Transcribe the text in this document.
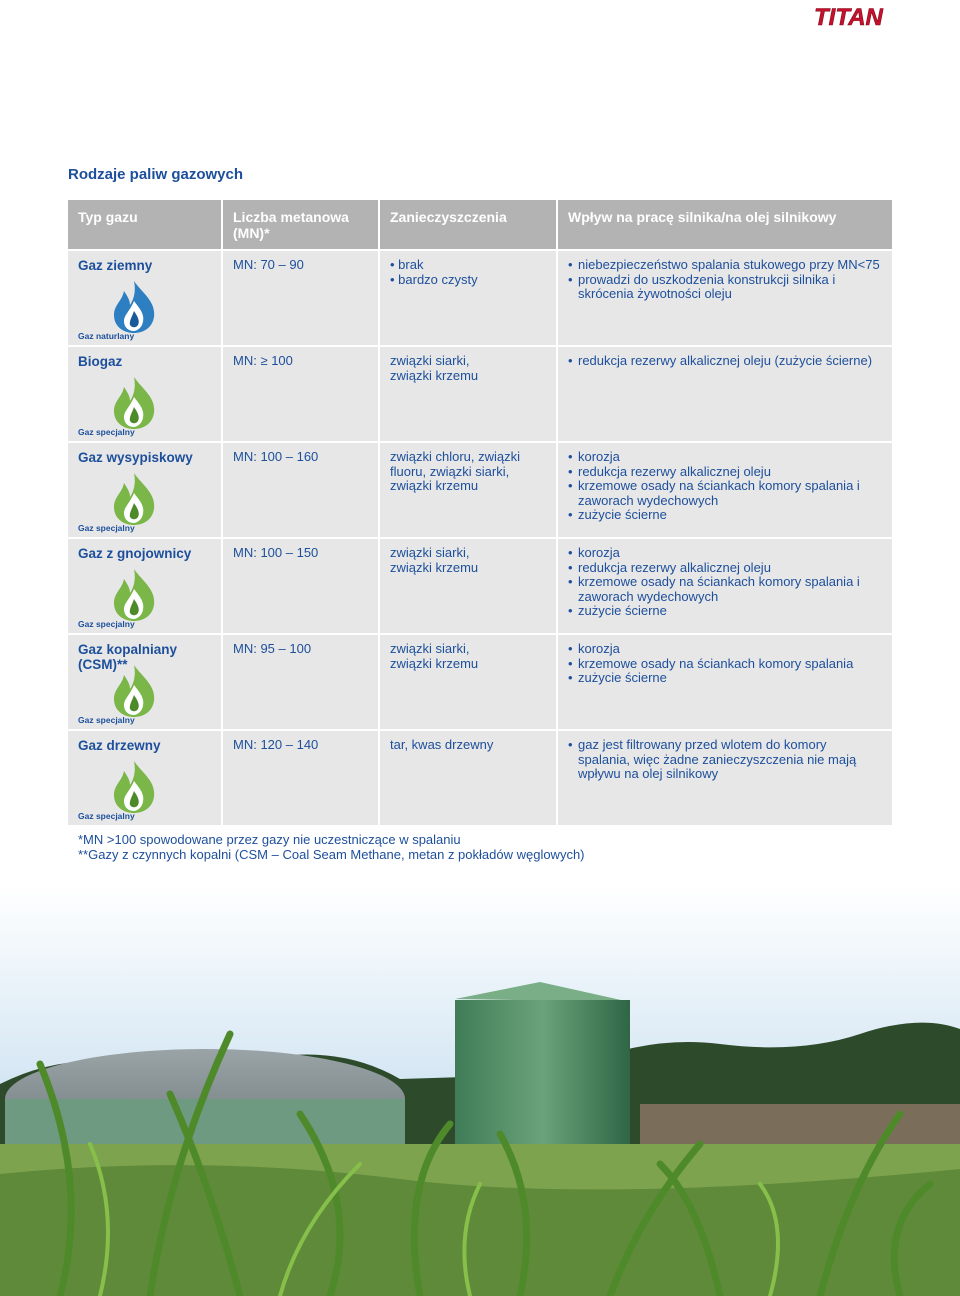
TITAN
Rodzaje paliw gazowych
Typ gazu	Liczba metanowa (MN)*
Zanieczyszczenia	Wpływ na pracę silnika/na olej silnikowy
Gaz ziemny
Gaz naturlany
MN: 70 – 90	• brak
• bardzo czysty
• niebezpieczeństwo spalania stukowego przy MN<75
• prowadzi do uszkodzenia konstrukcji silnika i skrócenia żywotności oleju
Biogaz
Gaz specjalny
MN: ≥ 100	związki siarki,
związki krzemu
• redukcja rezerwy alkalicznej oleju (zużycie ścierne)
Gaz wysypiskowy
Gaz specjalny
MN: 100 – 160	związki chloru, związki
fluoru, związki siarki,
związki krzemu
• korozja
• redukcja rezerwy alkalicznej oleju
• krzemowe osady na ściankach komory spalania i zaworach wydechowych
• zużycie ścierne
Gaz z gnojownicy
Gaz specjalny
MN: 100 – 150	związki siarki,
związki krzemu
• korozja
• redukcja rezerwy alkalicznej oleju
• krzemowe osady na ściankach komory spalania i zaworach wydechowych
• zużycie ścierne
Gaz kopalniany (CSM)**
Gaz specjalny
MN: 95 – 100	związki siarki,
związki krzemu
• korozja
• krzemowe osady na ściankach komory spalania
• zużycie ścierne
Gaz drzewny
Gaz specjalny
MN: 120 – 140	tar, kwas drzewny
•	gaz jest filtrowany przed wlotem do komory spalania, więc żadne zanieczyszczenia nie mają wpływu na olej silnikowy
*MN >100 spowodowane przez gazy nie uczestniczące w spalaniu
**Gazy z czynnych kopalni (CSM – Coal Seam Methane, metan z pokładów węglowych)
